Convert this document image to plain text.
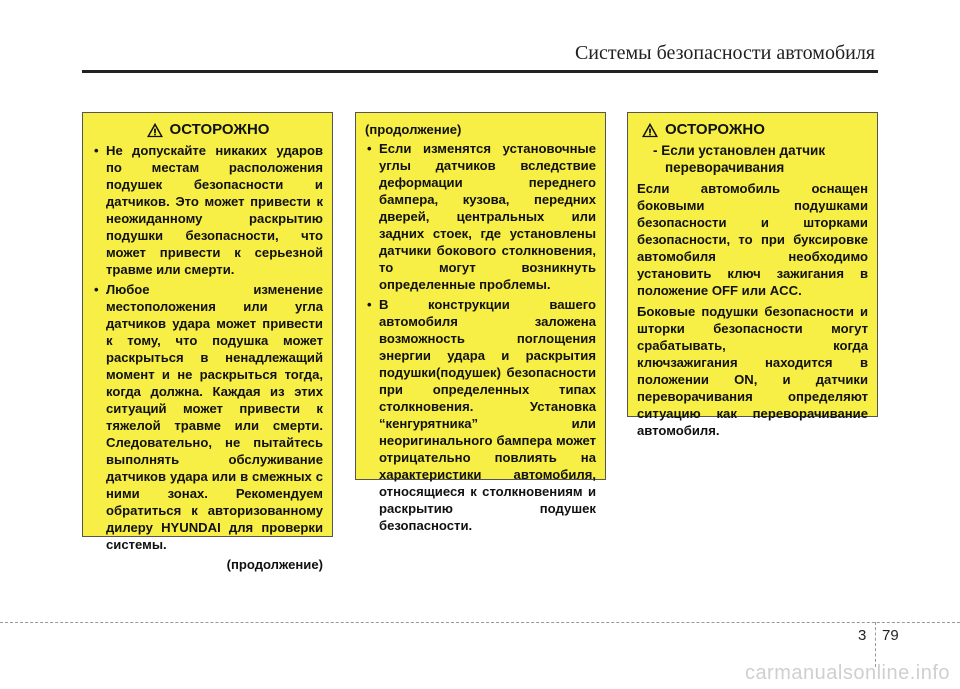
Системы безопасности автомобиля
ОСТОРОЖНО
• Не допускайте никаких ударов по местам расположения подушек безопасности и датчиков. Это может привести к неожиданному раскрытию подушки безопасности, что может привести к серьезной травме или смерти.
• Любое изменение местоположения или угла датчиков удара может привести к тому, что подушка может раскрыться в ненадлежащий момент и не раскрыться тогда, когда должна. Каждая из этих ситуаций может привести к тяжелой травме или смерти. Следовательно, не пытайтесь выполнять обслуживание датчиков удара или в смежных с ними зонах. Рекомендуем обратиться к авторизованному дилеру HYUNDAI для проверки системы.
(продолжение)
(продолжение)
• Если изменятся установочные углы датчиков вследствие деформации переднего бампера, кузова, передних дверей, центральных или задних стоек, где установлены датчики бокового столкновения, то могут возникнуть определенные проблемы.
• В конструкции вашего автомобиля заложена возможность поглощения энергии удара и раскрытия подушки(подушек) безопасности при определенных типах столкновения. Установка “кенгурятника” или неоригинального бампера может отрицательно повлиять на характеристики автомобиля, относящиеся к столкновениям и раскрытию подушек безопасности.
ОСТОРОЖНО
- Если установлен датчик переворачивания

Если автомобиль оснащен боковыми подушками безопасности и шторками безопасности, то при буксировке автомобиля необходимо установить ключ зажигания в положение OFF или ACC.

Боковые подушки безопасности и шторки безопасности могут срабатывать, когда ключзажигания находится в положении ON, и датчики переворачивания определяют ситуацию как переворачивание автомобиля.

3 79
carmanualsonline.info
